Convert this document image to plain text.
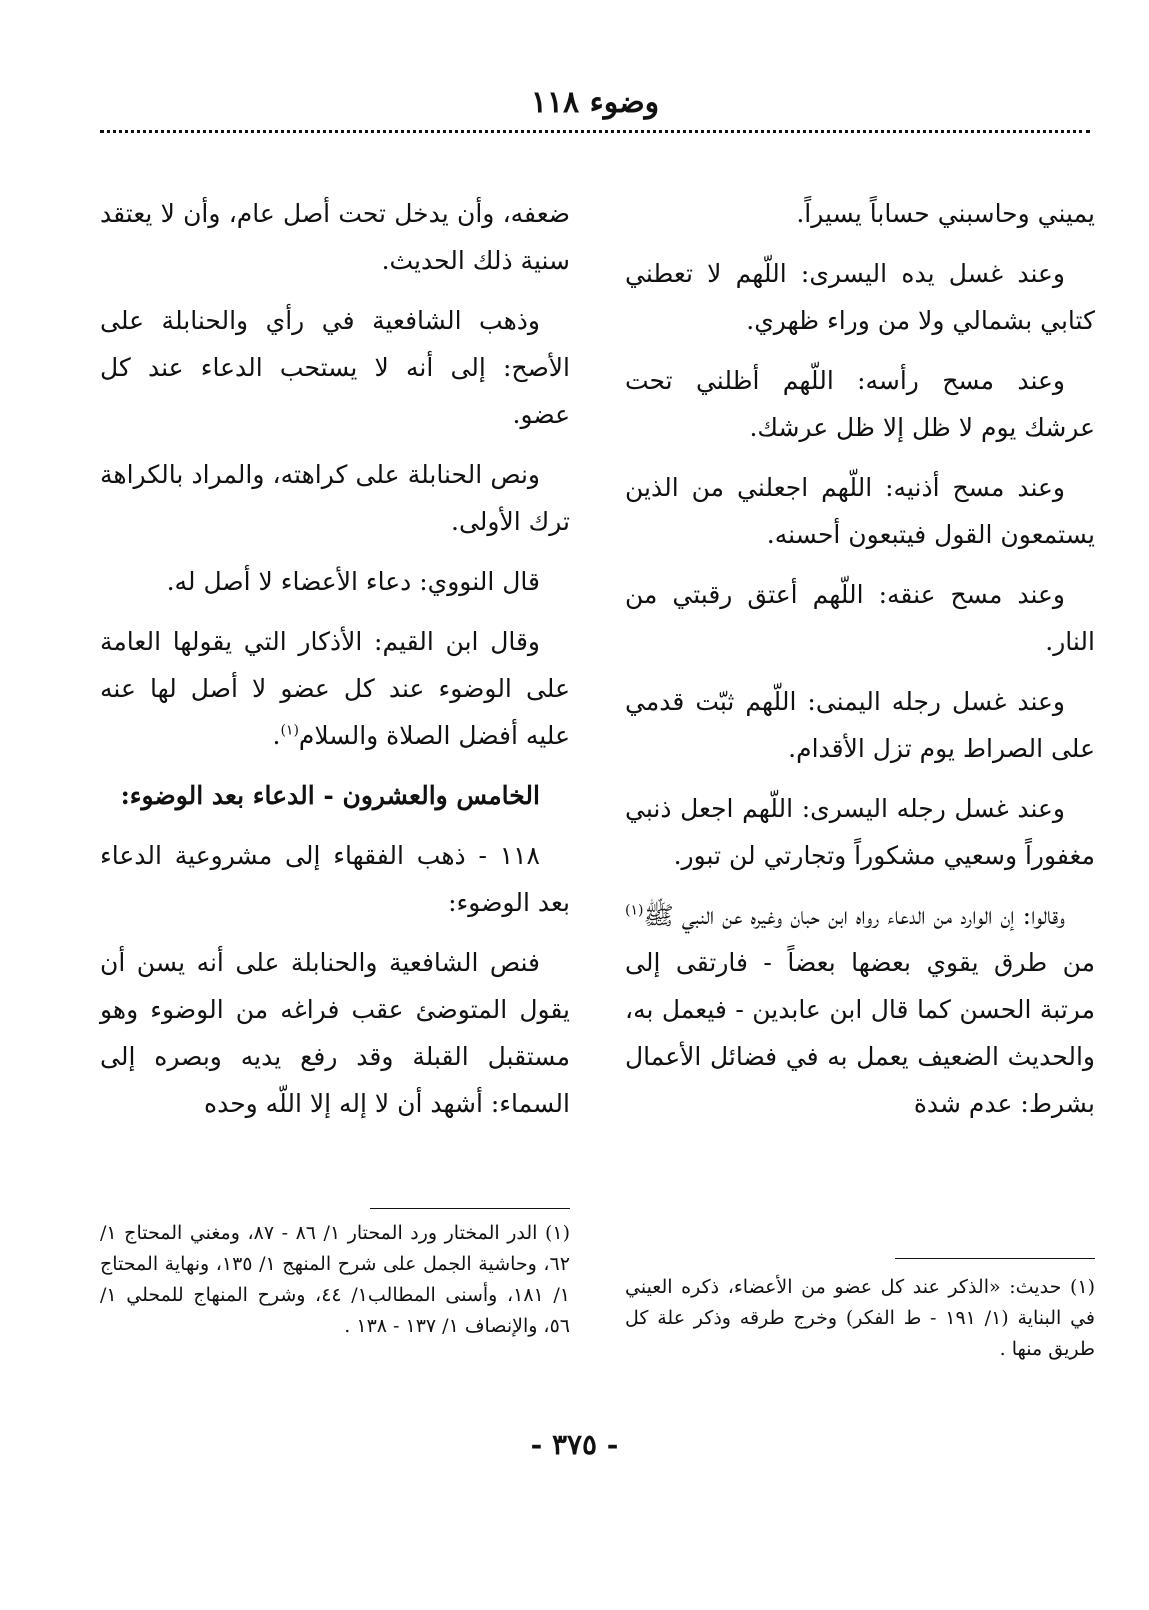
وضوء ١١٨

يميني وحاسبني حساباً يسيراً.

وعند غسل يده اليسرى: اللّهم لا تعطني كتابي بشمالي ولا من وراء ظهري.

وعند مسح رأسه: اللّهم أظلني تحت عرشك يوم لا ظل إلا ظل عرشك.

وعند مسح أذنيه: اللّهم اجعلني من الذين يستمعون القول فيتبعون أحسنه.

وعند مسح عنقه: اللّهم أعتق رقبتي من النار.

وعند غسل رجله اليمنى: اللّهم ثبّت قدمي على الصراط يوم تزل الأقدام.

وعند غسل رجله اليسرى: اللّهم اجعل ذنبي مغفوراً وسعيي مشكوراً وتجارتي لن تبور.

وقالوا: إن الوارد من الدعاء رواه ابن حبان وغيره عن النبي ﷺ$^{(١)}$ من طرق يقوي بعضها بعضاً - فارتقى إلى مرتبة الحسن كما قال ابن عابدين - فيعمل به، والحديث الضعيف يعمل به في فضائل الأعمال بشرط: عدم شدة

ضعفه، وأن يدخل تحت أصل عام، وأن لا يعتقد سنية ذلك الحديث.

وذهب الشافعية في رأي والحنابلة على الأصح: إلى أنه لا يستحب الدعاء عند كل عضو.

ونص الحنابلة على كراهته، والمراد بالكراهة ترك الأولى.

قال النووي: دعاء الأعضاء لا أصل له.

وقال ابن القيم: الأذكار التي يقولها العامة على الوضوء عند كل عضو لا أصل لها عنه عليه أفضل الصلاة والسلام$^{(١)}$.

الخامس والعشرون - الدعاء بعد الوضوء:

١١٨ - ذهب الفقهاء إلى مشروعية الدعاء بعد الوضوء:

فنص الشافعية والحنابلة على أنه يسن أن يقول المتوضئ عقب فراغه من الوضوء وهو مستقبل القبلة وقد رفع يديه وبصره إلى السماء: أشهد أن لا إله إلا اللّه وحده

(١) الدر المختار ورد المحتار ١/ ٨٦ - ٨٧، ومغني المحتاج ١/ ٦٢، وحاشية الجمل على شرح المنهج ١/ ١٣٥، ونهاية المحتاج ١/ ١٨١، وأسنى المطالب١/ ٤٤، وشرح المنهاج للمحلي ١/ ٥٦، والإنصاف ١/ ١٣٧ - ١٣٨ .

(١) حديث: «الذكر عند كل عضو من الأعضاء، ذكره العيني في البناية (١/ ١٩١ - ط الفكر) وخرج طرقه وذكر علة كل طريق منها .

- ٣٧٥ -
